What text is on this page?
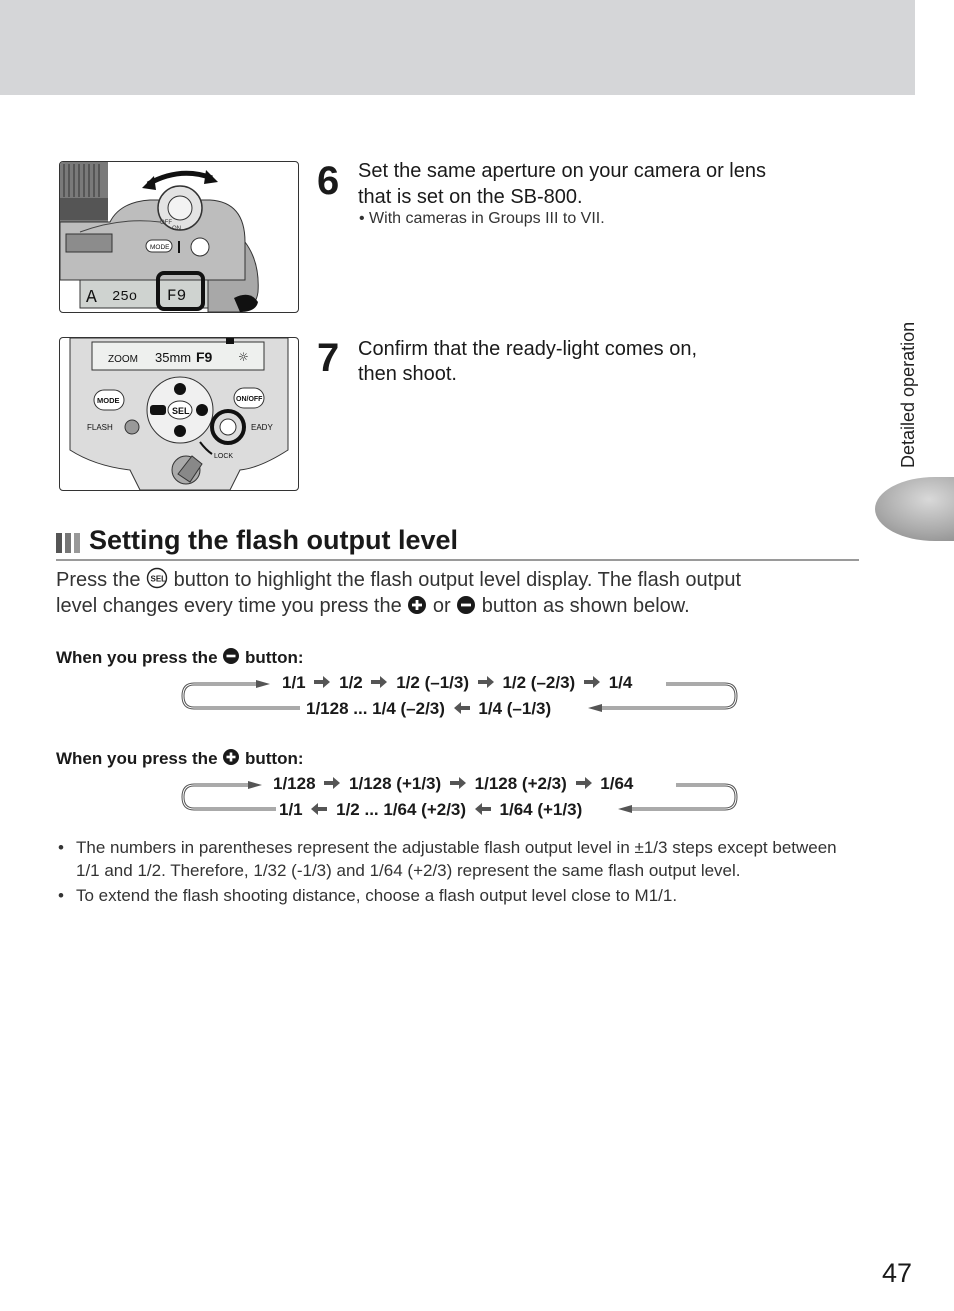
OFF
ON
MODE
A 25o F9
6 Set the same aperture on your camera or lens
that is set on the SB-800.
• With cameras in Groups III to VII.
ZOOM 35mm F9 ☼
MODE	ON/OFF
SEL
FLASH	EADY
LOCK
7 Confirm that the ready-light comes on,
then shoot.	Detailed operation
Setting the flash output level
Press the SEL button to highlight the flash output level display. The flash output
level changes every time you press the or button as shown below.
When you press the button:
1/1 1/2 1/2 (–1/3) 1/2 (–2/3) 1/4
1/128 ... 1/4 (–2/3) 1/4 (–1/3)
When you press the button:
1/128 1/128 (+1/3) 1/128 (+2/3) 1/64
1/1 1/2 ... 1/64 (+2/3) 1/64 (+1/3)
• The numbers in parentheses represent the adjustable flash output level in ±1/3 steps except between 1/1 and 1/2. Therefore, 1/32 (-1/3) and 1/64 (+2/3) represent the same flash output level.
• To extend the flash shooting distance, choose a flash output level close to M1/1.
47
